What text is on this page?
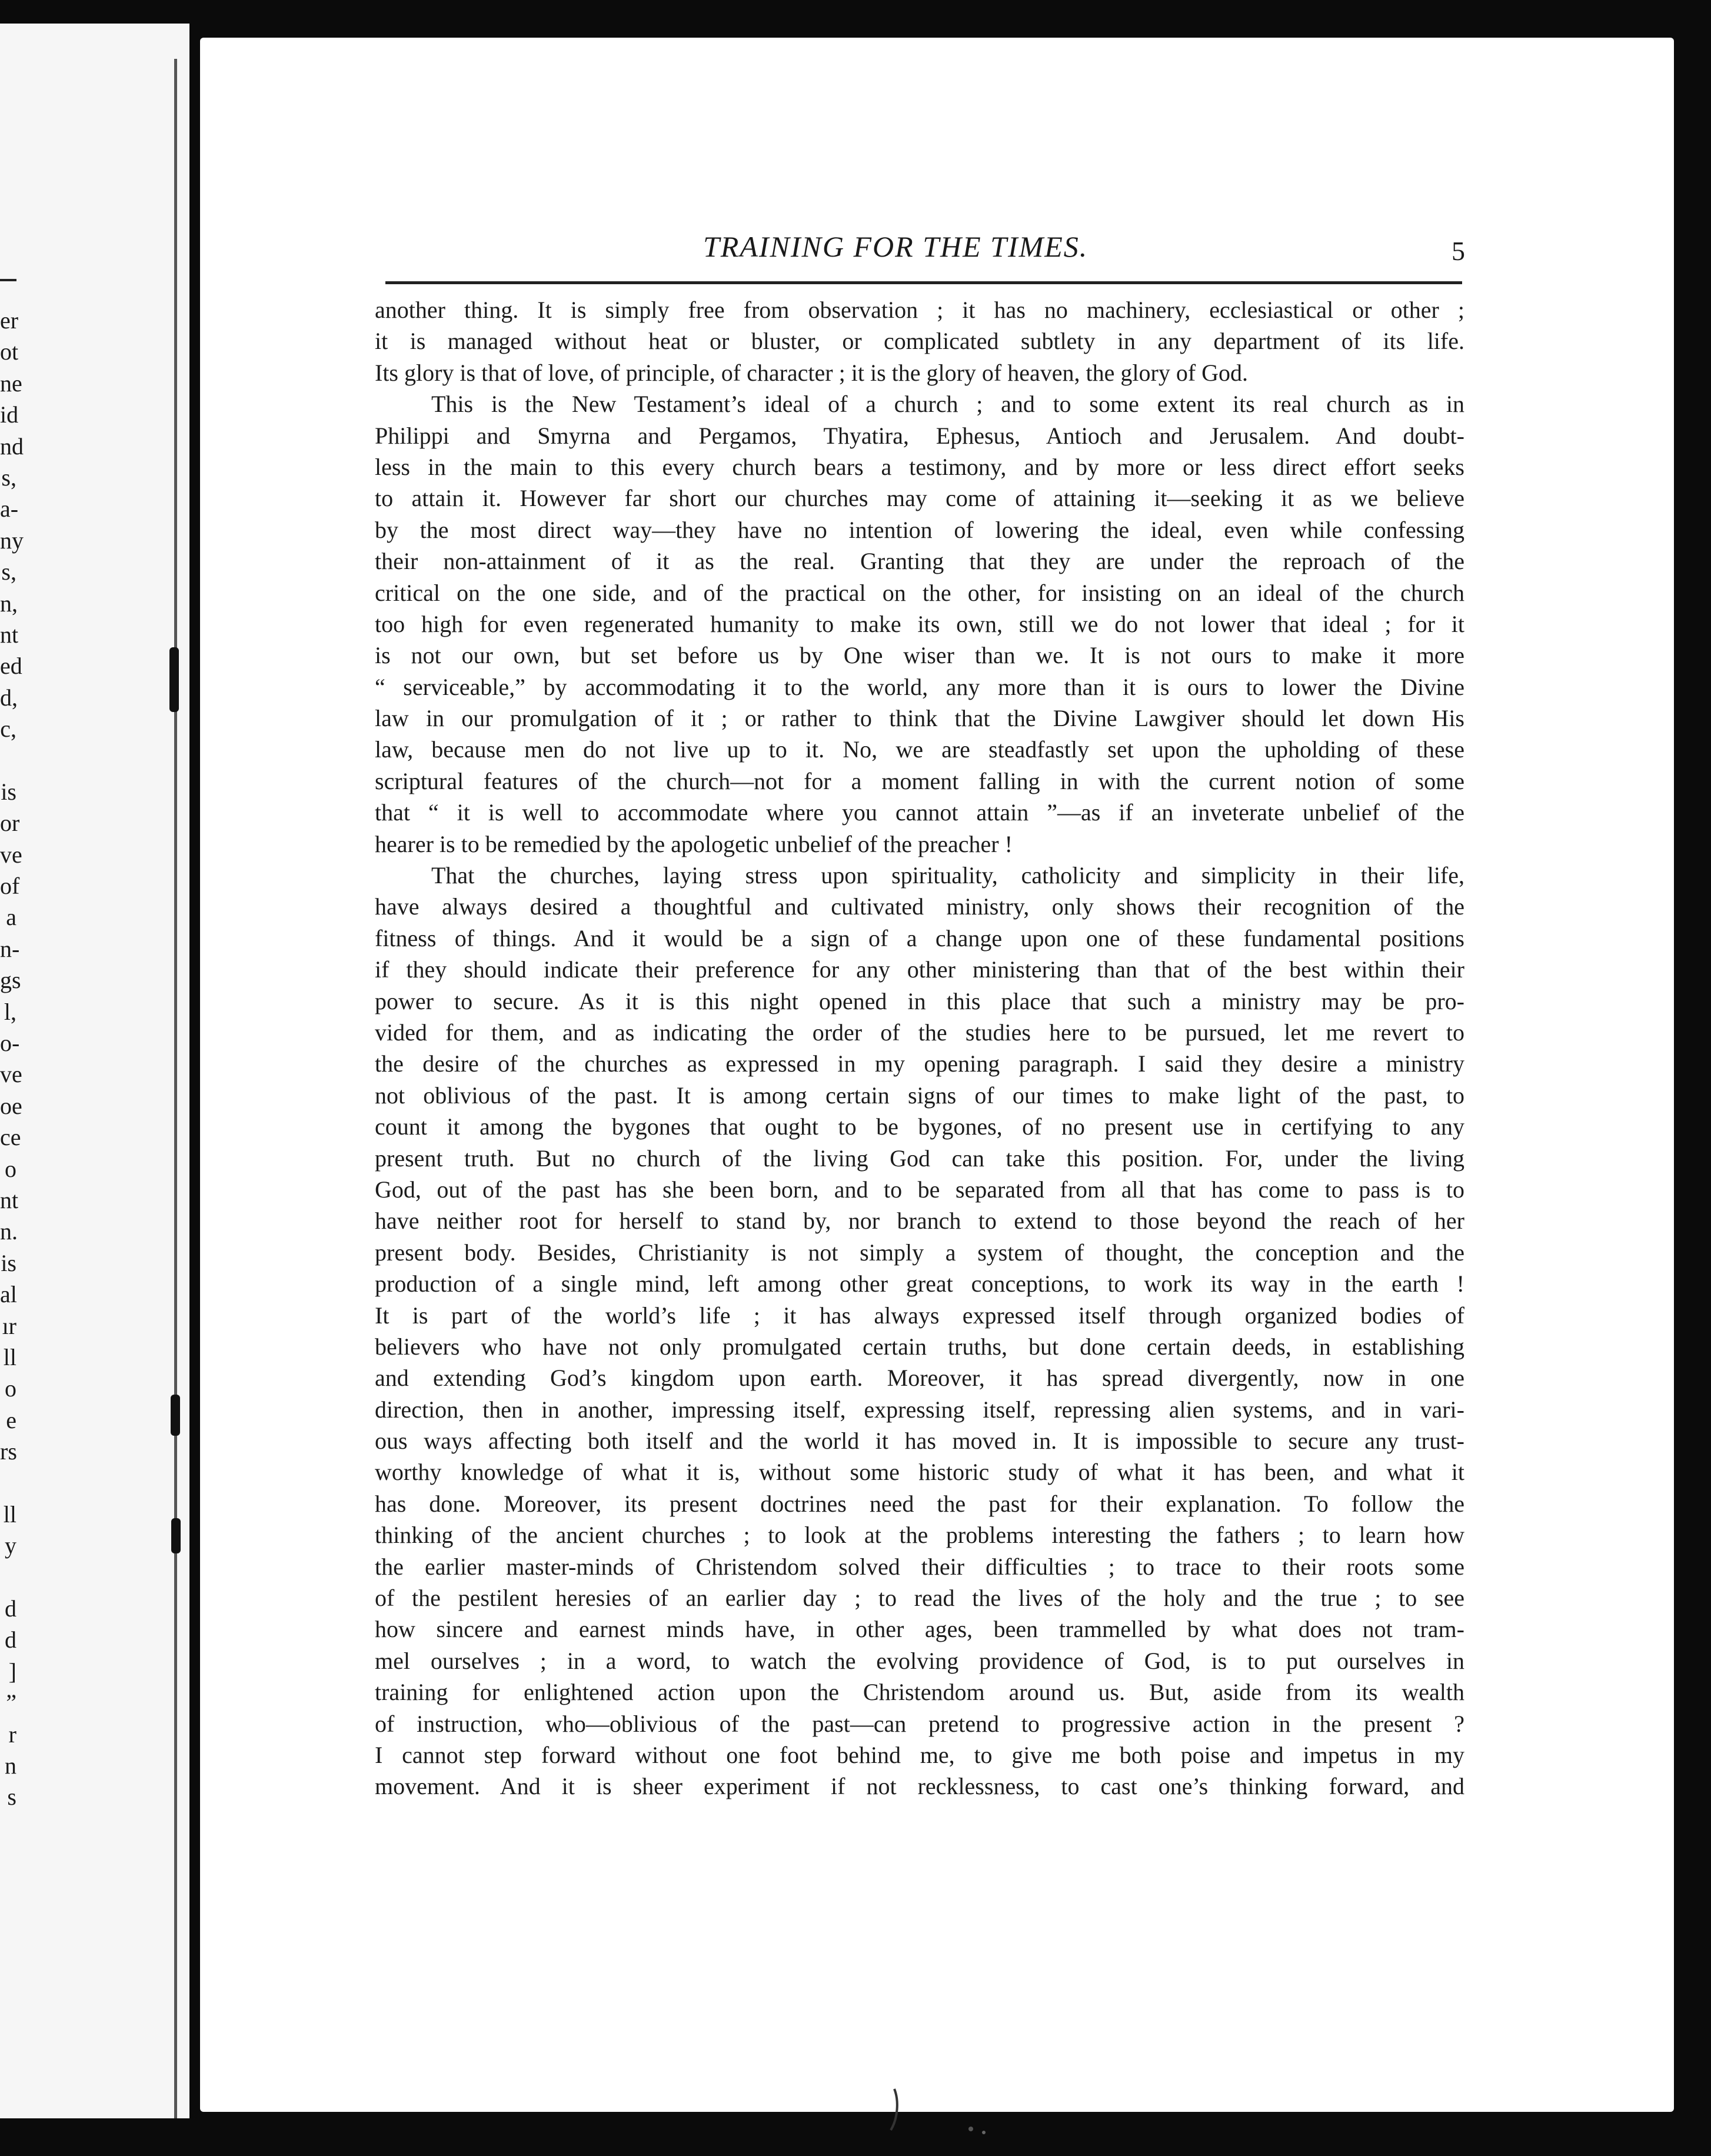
er
ot
ne
id
nd
s,
a-
ny
s,
n,
nt
ed
d,
c,
is
or
ve
of
a
n-
gs
l,
o-
ve
oe
ce
o
nt
n.
is
al
ır
ll
o
e
rs
ll
y
d
d
]
”
r
n
s
TRAINING FOR THE TIMES.	5
another thing. It is simply free from observation ; it has no machinery, ecclesiastical or other ;
it is managed without heat or bluster, or complicated subtlety in any department of its life.
Its glory is that of love, of principle, of character ; it is the glory of heaven, the glory of God.
This is the New Testament’s ideal of a church ; and to some extent its real church as in
Philippi and Smyrna and Pergamos, Thyatira, Ephesus, Antioch and Jerusalem. And doubt-
less in the main to this every church bears a testimony, and by more or less direct effort seeks
to attain it. However far short our churches may come of attaining it—seeking it as we believe
by the most direct way—they have no intention of lowering the ideal, even while confessing
their non-attainment of it as the real. Granting that they are under the reproach of the
critical on the one side, and of the practical on the other, for insisting on an ideal of the church
too high for even regenerated humanity to make its own, still we do not lower that ideal ; for it
is not our own, but set before us by One wiser than we. It is not ours to make it more
“ serviceable,” by accommodating it to the world, any more than it is ours to lower the Divine
law in our promulgation of it ; or rather to think that the Divine Lawgiver should let down His
law, because men do not live up to it. No, we are steadfastly set upon the upholding of these
scriptural features of the church—not for a moment falling in with the current notion of some
that “ it is well to accommodate where you cannot attain ”—as if an inveterate unbelief of the
hearer is to be remedied by the apologetic unbelief of the preacher !
That the churches, laying stress upon spirituality, catholicity and simplicity in their life,
have always desired a thoughtful and cultivated ministry, only shows their recognition of the
fitness of things. And it would be a sign of a change upon one of these fundamental positions
if they should indicate their preference for any other ministering than that of the best within their
power to secure. As it is this night opened in this place that such a ministry may be pro-
vided for them, and as indicating the order of the studies here to be pursued, let me revert to
the desire of the churches as expressed in my opening paragraph. I said they desire a ministry
not oblivious of the past. It is among certain signs of our times to make light of the past, to
count it among the bygones that ought to be bygones, of no present use in certifying to any
present truth. But no church of the living God can take this position. For, under the living
God, out of the past has she been born, and to be separated from all that has come to pass is to
have neither root for herself to stand by, nor branch to extend to those beyond the reach of her
present body. Besides, Christianity is not simply a system of thought, the conception and the
production of a single mind, left among other great conceptions, to work its way in the earth !
It is part of the world’s life ; it has always expressed itself through organized bodies of
believers who have not only promulgated certain truths, but done certain deeds, in establishing
and extending God’s kingdom upon earth. Moreover, it has spread divergently, now in one
direction, then in another, impressing itself, expressing itself, repressing alien systems, and in vari-
ous ways affecting both itself and the world it has moved in. It is impossible to secure any trust-
worthy knowledge of what it is, without some historic study of what it has been, and what it
has done. Moreover, its present doctrines need the past for their explanation. To follow the
thinking of the ancient churches ; to look at the problems interesting the fathers ; to learn how
the earlier master-minds of Christendom solved their difficulties ; to trace to their roots some
of the pestilent heresies of an earlier day ; to read the lives of the holy and the true ; to see
how sincere and earnest minds have, in other ages, been trammelled by what does not tram-
mel ourselves ; in a word, to watch the evolving providence of God, is to put ourselves in
training for enlightened action upon the Christendom around us. But, aside from its wealth
of instruction, who—oblivious of the past—can pretend to progressive action in the present ?
I cannot step forward without one foot behind me, to give me both poise and impetus in my
movement. And it is sheer experiment if not recklessness, to cast one’s thinking forward, and
